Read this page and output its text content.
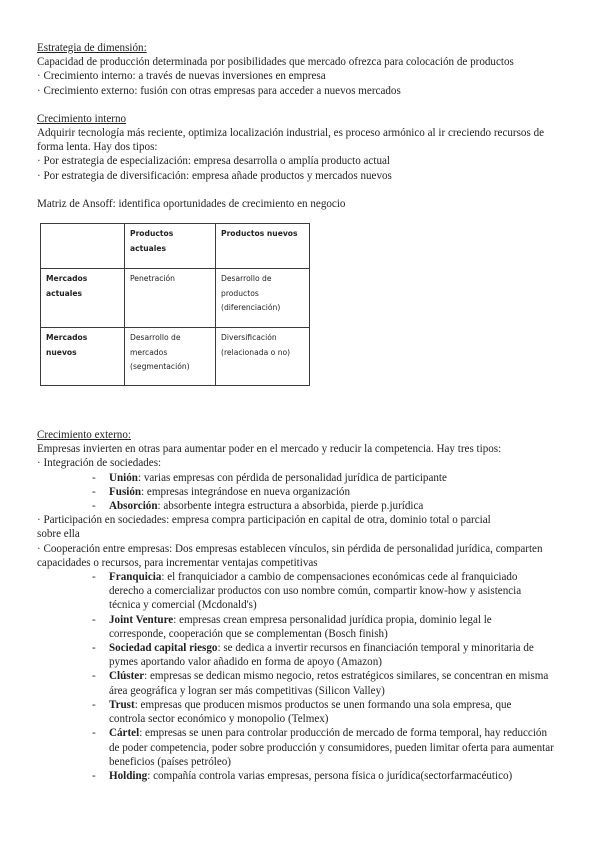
Estrategia de dimensión:

Capacidad de producción determinada por posibilidades que mercado ofrezca para colocación de productos

· Crecimiento interno: a través de nuevas inversiones en empresa

· Crecimiento externo: fusión con otras empresas para acceder a nuevos mercados

Crecimiento interno

Adquirir tecnología más reciente, optimiza localización industrial, es proceso armónico al ir creciendo recursos de forma lenta. Hay dos tipos:

· Por estrategia de especialización: empresa desarrolla o amplía producto actual

· Por estrategia de diversificación: empresa añade productos y mercados nuevos

Matriz de Ansoff: identifica oportunidades de crecimiento en negocio

	Productos actuales	Productos nuevos
Mercados actuales	Penetración	Desarrollo de productos (diferenciación)
Mercados nuevos	Desarrollo de mercados (segmentación)	Diversificación (relacionada o no)

Crecimiento externo:

Empresas invierten en otras para aumentar poder en el mercado y reducir la competencia. Hay tres tipos:

· Integración de sociedades:

- Unión: varias empresas con pérdida de personalidad jurídica de participante
- Fusión: empresas integrándose en nueva organización
- Absorción: absorbente integra estructura a absorbida, pierde p.jurídica

· Participación en sociedades: empresa compra participación en capital de otra, dominio total o parcial sobre ella

· Cooperación entre empresas: Dos empresas establecen vínculos, sin pérdida de personalidad jurídica, comparten capacidades o recursos, para incrementar ventajas competitivas

- Franquicia: el franquiciador a cambio de compensaciones económicas cede al franquiciado derecho a comercializar productos con uso nombre común, compartir know-how y asistencia técnica y comercial (Mcdonald's)
- Joint Venture: empresas crean empresa personalidad jurídica propia, dominio legal le corresponde, cooperación que se complementan (Bosch finish)
- Sociedad capital riesgo: se dedica a invertir recursos en financiación temporal y minoritaria de pymes aportando valor añadido en forma de apoyo (Amazon)
- Clúster: empresas se dedican mismo negocio, retos estratégicos similares, se concentran en misma área geográfica y logran ser más competitivas (Silicon Valley)
- Trust: empresas que producen mismos productos se unen formando una sola empresa, que controla sector económico y monopolio (Telmex)
- Cártel: empresas se unen para controlar producción de mercado de forma temporal, hay reducción de poder competencia, poder sobre producción y consumidores, pueden limitar oferta para aumentar beneficios (países petróleo)
- Holding: compañía controla varias empresas, persona física o jurídica(sectorfarmacéutico)
